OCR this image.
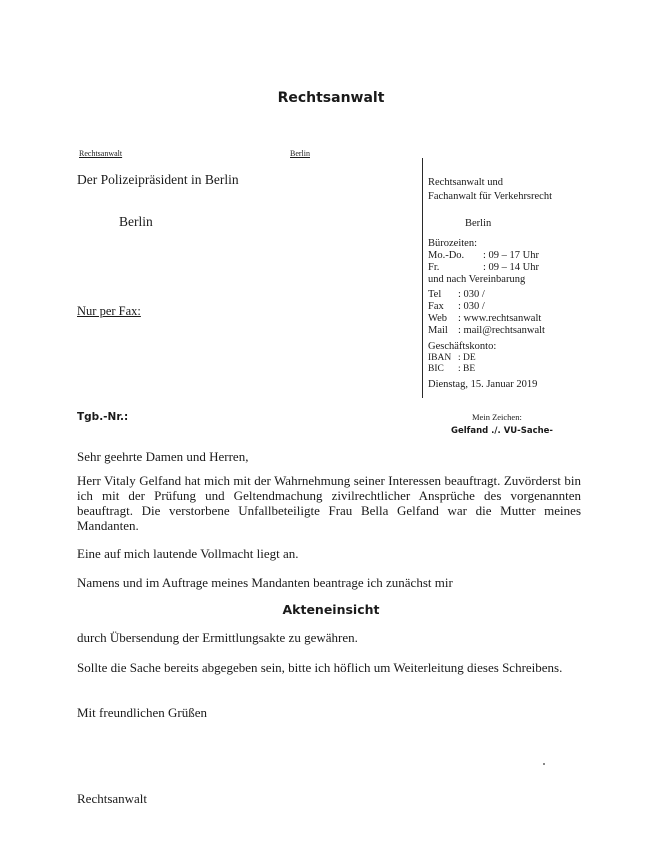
Rechtsanwalt
Rechtsanwalt	Berlin
Der Polizeipräsident in Berlin
Berlin
Nur per Fax:
Rechtsanwalt und
Fachanwalt für Verkehrsrecht
Berlin
Bürozeiten:
Mo.-Do. : 09 – 17 Uhr
Fr.	: 09 – 14 Uhr
und nach Vereinbarung
Tel : 030 /
Fax : 030 /
Web : www.rechtsanwalt
Mail : mail@rechtsanwalt
Geschäftskonto:
IBAN : DE
BIC : BE
Dienstag, 15. Januar 2019
Tgb.-Nr.:	Mein Zeichen:
Gelfand ./. VU-Sache-
Sehr geehrte Damen und Herren,
Herr Vitaly Gelfand hat mich mit der Wahrnehmung seiner Interessen beauftragt. Zuvörderst bin ich mit der Prüfung und Geltendmachung zivilrechtlicher Ansprüche des vorgenannten beauftragt. Die verstorbene Unfallbeteiligte Frau Bella Gelfand war die Mutter meines Mandanten.
Eine auf mich lautende Vollmacht liegt an.
Namens und im Auftrage meines Mandanten beantrage ich zunächst mir
Akteneinsicht
durch Übersendung der Ermittlungsakte zu gewähren.
Sollte die Sache bereits abgegeben sein, bitte ich höflich um Weiterleitung dieses Schreibens.
Mit freundlichen Grüßen
Rechtsanwalt
